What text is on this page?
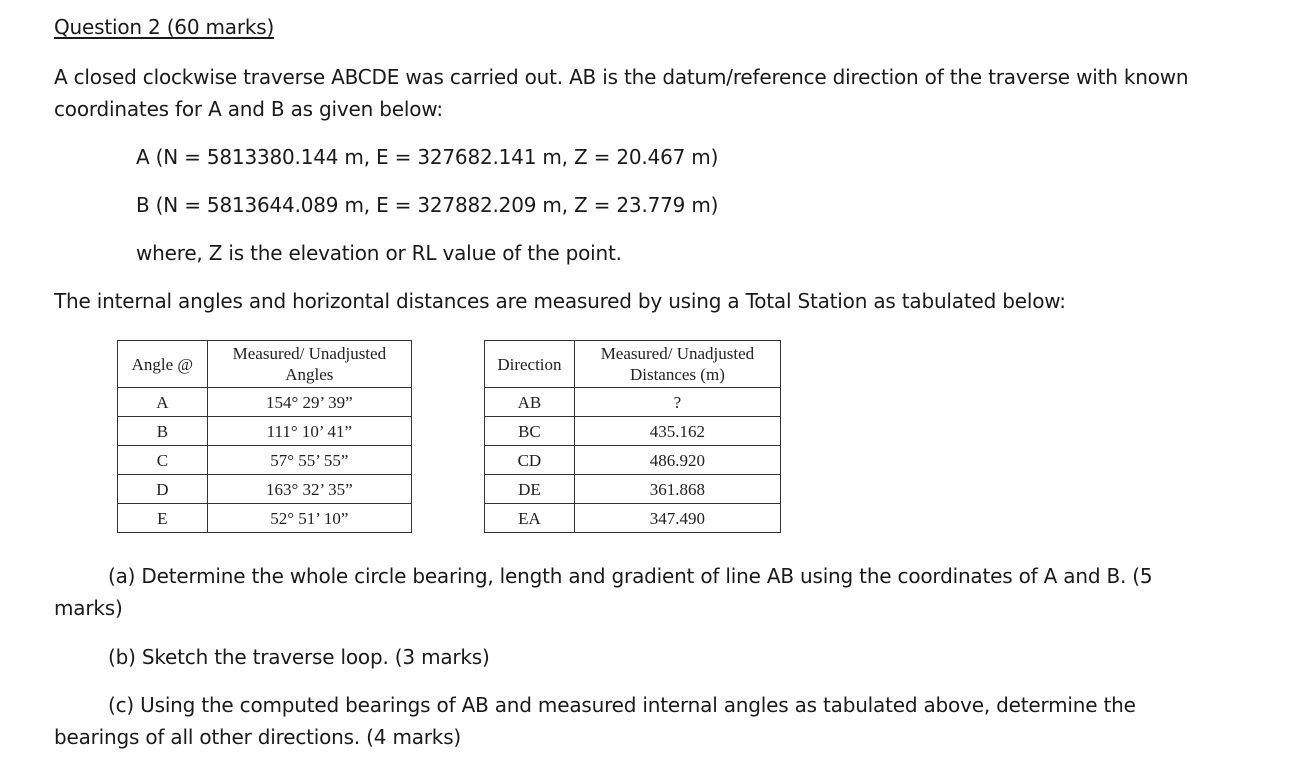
Question 2 (60 marks)
A closed clockwise traverse ABCDE was carried out. AB is the datum/reference direction of the traverse with known
coordinates for A and B as given below:
A (N = 5813380.144 m, E = 327682.141 m, Z = 20.467 m)
B (N = 5813644.089 m, E = 327882.209 m, Z = 23.779 m)
where, Z is the elevation or RL value of the point.
The internal angles and horizontal distances are measured by using a Total Station as tabulated below:
Angle @	Measured/ Unadjusted Angles
A	154° 29’ 39”
B	111° 10’ 41”
C	57° 55’ 55”
D	163° 32’ 35”
E	52° 51’ 10”
Direction	Measured/ Unadjusted Distances (m)
AB	?
BC	435.162
CD	486.920
DE	361.868
EA	347.490
(a) Determine the whole circle bearing, length and gradient of line AB using the coordinates of A and B. (5
marks)
(b) Sketch the traverse loop. (3 marks)
(c) Using the computed bearings of AB and measured internal angles as tabulated above, determine the
bearings of all other directions. (4 marks)
